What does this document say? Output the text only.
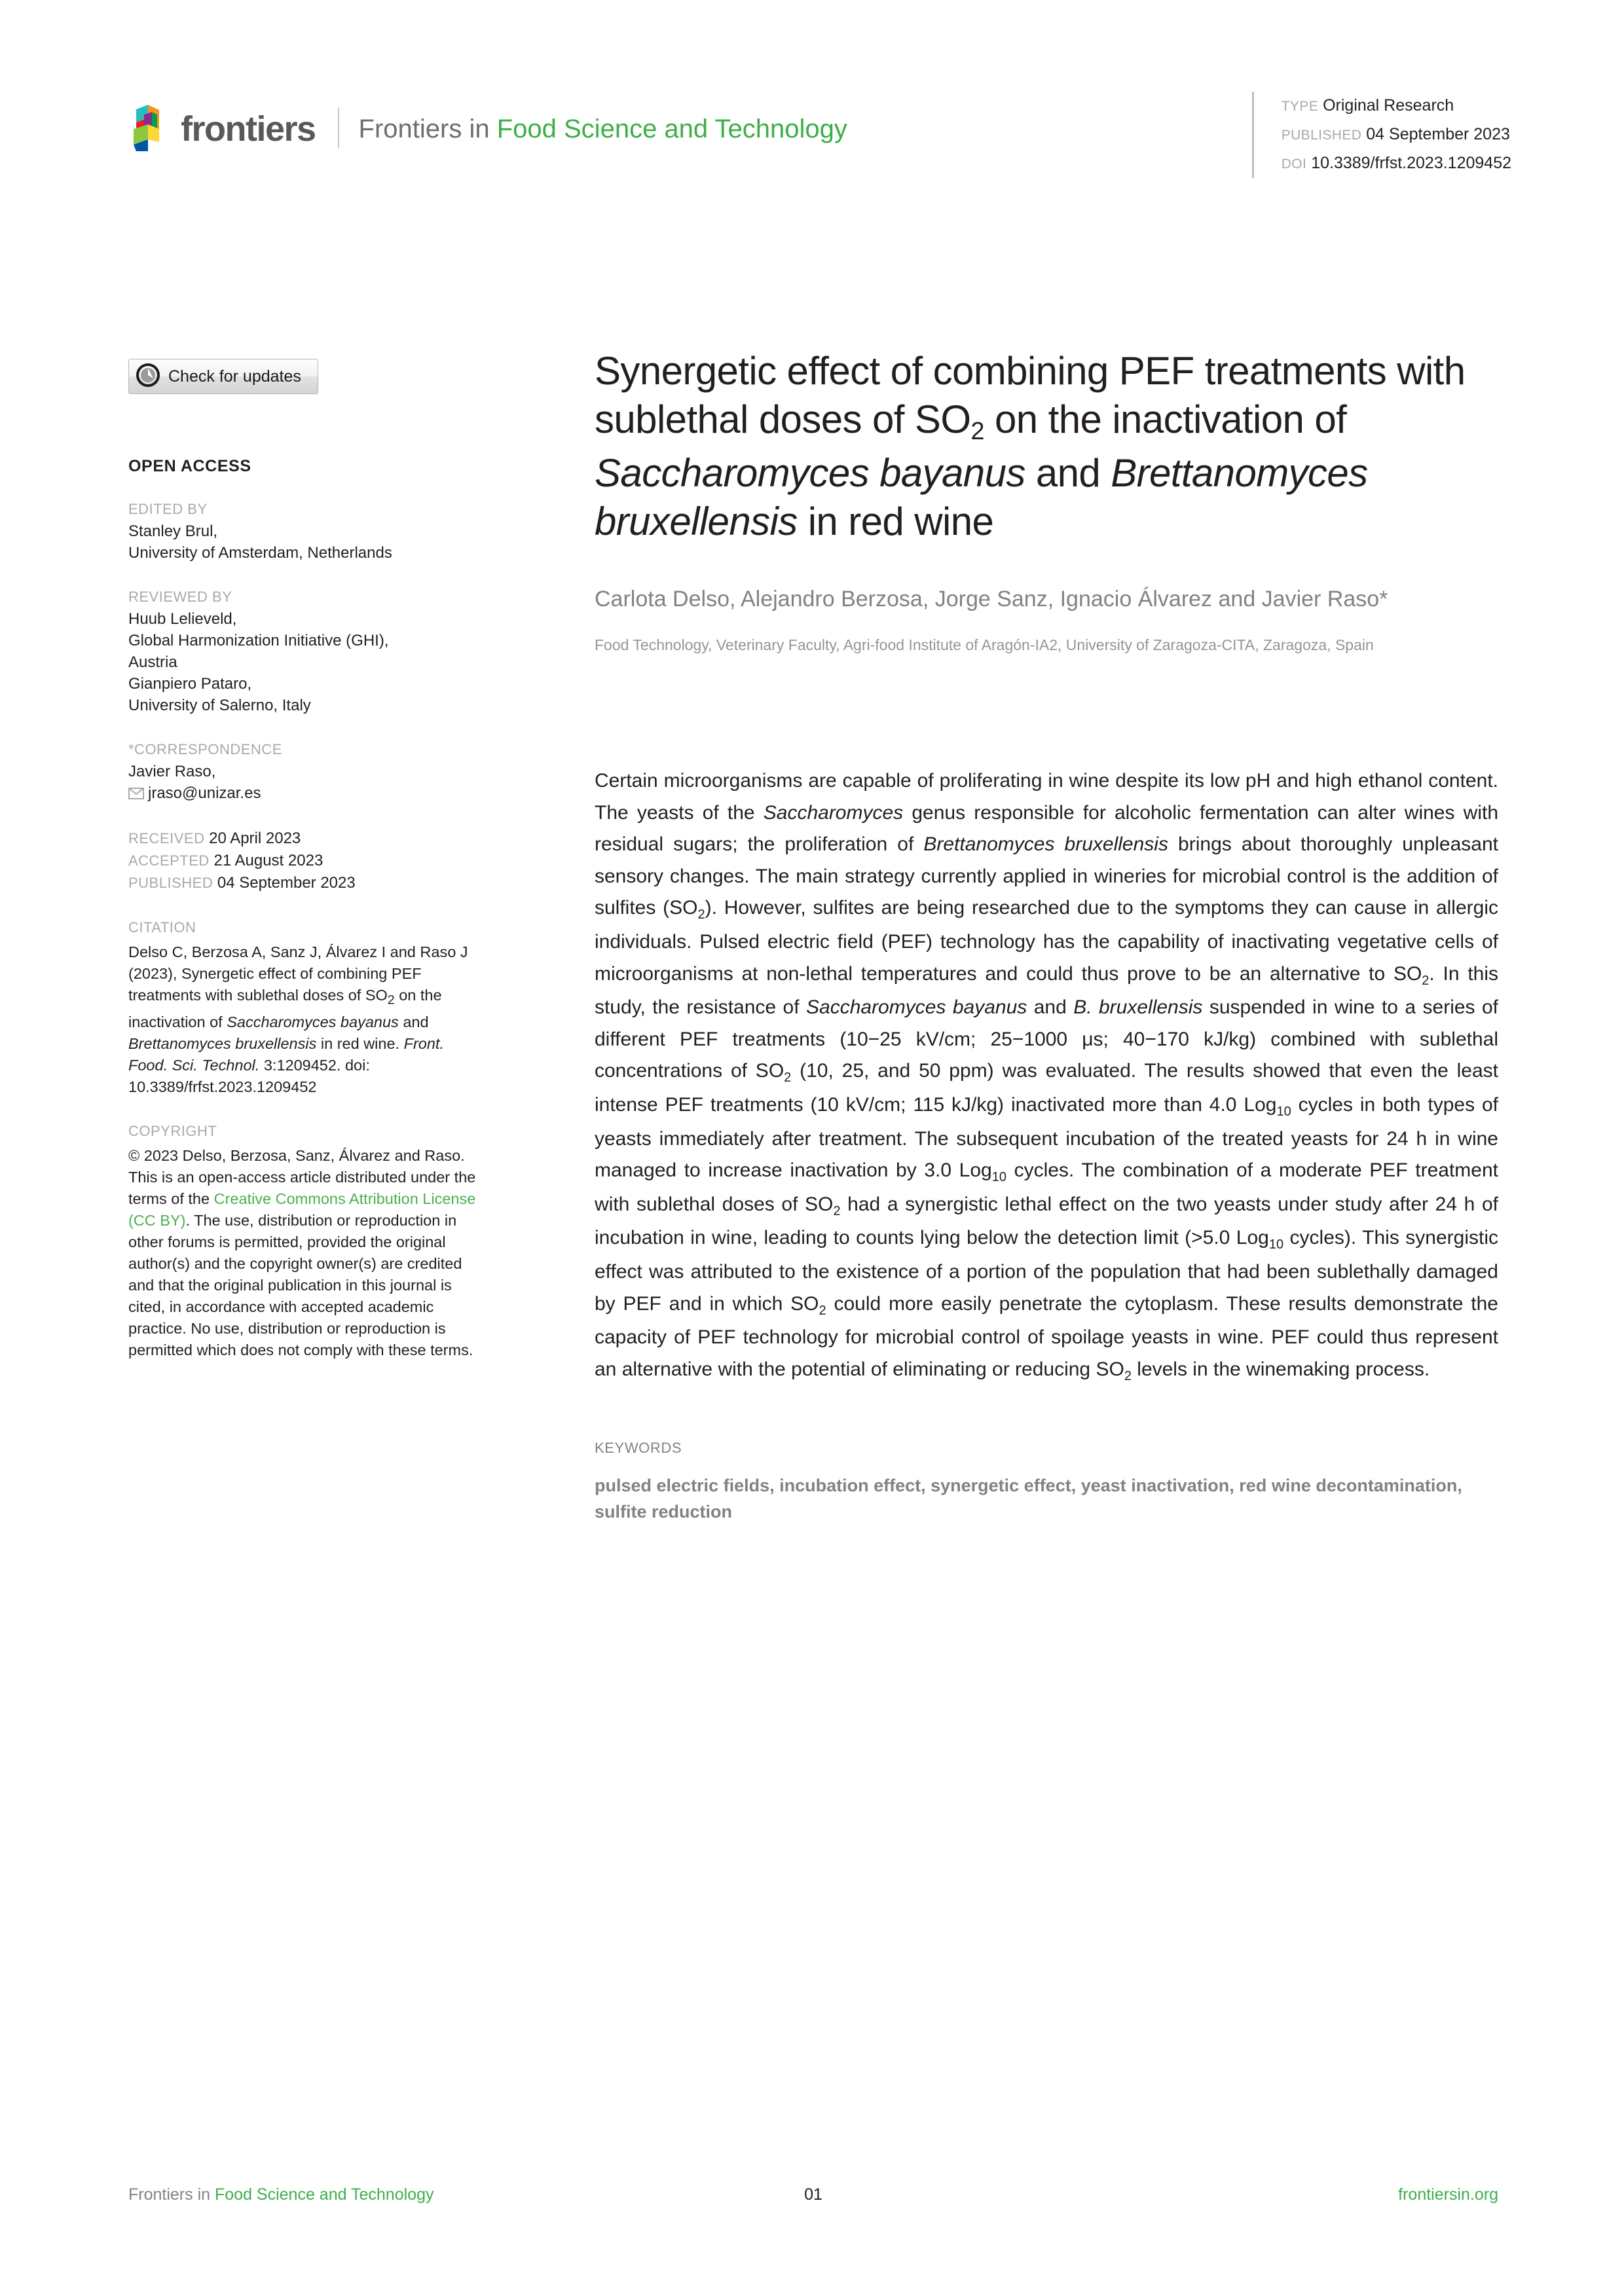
frontiers Frontiers in Food Science and Technology
TYPE Original Research
PUBLISHED 04 September 2023
DOI 10.3389/frfst.2023.1209452
Check for updates
OPEN ACCESS
EDITED BY
Stanley Brul,
University of Amsterdam, Netherlands
REVIEWED BY
Huub Lelieveld,
Global Harmonization Initiative (GHI),
Austria
Gianpiero Pataro,
University of Salerno, Italy
*CORRESPONDENCE
Javier Raso,
jraso@unizar.es
RECEIVED 20 April 2023
ACCEPTED 21 August 2023
PUBLISHED 04 September 2023
CITATION
Delso C, Berzosa A, Sanz J, Álvarez I and Raso J (2023), Synergetic effect of combining PEF treatments with sublethal doses of $SO_2$ on the inactivation of Saccharomyces bayanus and Brettanomyces bruxellensis in red wine. Front. Food. Sci. Technol. 3:1209452. doi: 10.3389/frfst.2023.1209452
COPYRIGHT
© 2023 Delso, Berzosa, Sanz, Álvarez and Raso. This is an open-access article distributed under the terms of the Creative Commons Attribution License (CC BY). The use, distribution or reproduction in other forums is permitted, provided the original author(s) and the copyright owner(s) are credited and that the original publication in this journal is cited, in accordance with accepted academic practice. No use, distribution or reproduction is permitted which does not comply with these terms.
Synergetic effect of combining PEF treatments with sublethal doses of $SO_2$ on the inactivation of Saccharomyces bayanus and Brettanomyces bruxellensis in red wine
Carlota Delso, Alejandro Berzosa, Jorge Sanz, Ignacio Álvarez and Javier Raso*
Food Technology, Veterinary Faculty, Agri-food Institute of Aragón-IA2, University of Zaragoza-CITA, Zaragoza, Spain
Certain microorganisms are capable of proliferating in wine despite its low pH and high ethanol content. The yeasts of the Saccharomyces genus responsible for alcoholic fermentation can alter wines with residual sugars; the proliferation of Brettanomyces bruxellensis brings about thoroughly unpleasant sensory changes. The main strategy currently applied in wineries for microbial control is the addition of sulfites $(SO_2)$. However, sulfites are being researched due to the symptoms they can cause in allergic individuals. Pulsed electric field (PEF) technology has the capability of inactivating vegetative cells of microorganisms at non-lethal temperatures and could thus prove to be an alternative to $SO_2$. In this study, the resistance of Saccharomyces bayanus and B. bruxellensis suspended in wine to a series of different PEF treatments (10−25 kV/cm; 25−1000 μs; 40−170 kJ/kg) combined with sublethal concentrations of $SO_2$ (10, 25, and 50 ppm) was evaluated. The results showed that even the least intense PEF treatments (10 kV/cm; 115 kJ/kg) inactivated more than 4.0 Log$_{10}$ cycles in both types of yeasts immediately after treatment. The subsequent incubation of the treated yeasts for 24 h in wine managed to increase inactivation by 3.0 Log$_{10}$ cycles. The combination of a moderate PEF treatment with sublethal doses of $SO_2$ had a synergistic lethal effect on the two yeasts under study after 24 h of incubation in wine, leading to counts lying below the detection limit (>5.0 Log$_{10}$ cycles). This synergistic effect was attributed to the existence of a portion of the population that had been sublethally damaged by PEF and in which $SO_2$ could more easily penetrate the cytoplasm. These results demonstrate the capacity of PEF technology for microbial control of spoilage yeasts in wine. PEF could thus represent an alternative with the potential of eliminating or reducing $SO_2$ levels in the winemaking process.
KEYWORDS
pulsed electric fields, incubation effect, synergetic effect, yeast inactivation, red wine decontamination, sulfite reduction
Frontiers in Food Science and Technology	01	frontiersin.org
